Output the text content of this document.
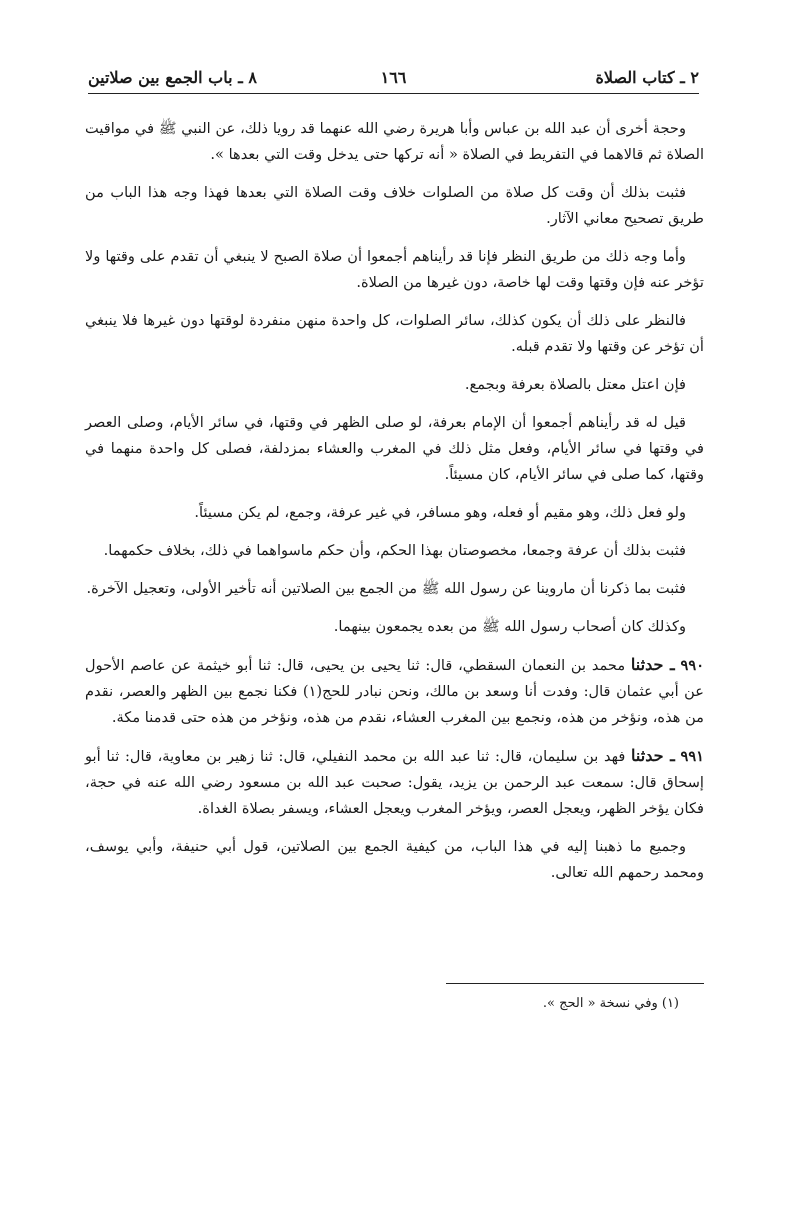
٢ ـ كتاب الصلاة
١٦٦
٨ ـ باب الجمع بين صلاتين

وحجة أخرى أن عبد الله بن عباس وأبا هريرة رضي الله عنهما قد رويا ذلك، عن النبي ﷺ في مواقيت الصلاة ثم قالاهما في التفريط في الصلاة « أنه تركها حتى يدخل وقت التي بعدها ».

فثبت بذلك أن وقت كل صلاة من الصلوات خلاف وقت الصلاة التي بعدها فهذا وجه هذا الباب من طريق تصحيح معاني الآثار.

وأما وجه ذلك من طريق النظر فإنا قد رأيناهم أجمعوا أن صلاة الصبح لا ينبغي أن تقدم على وقتها ولا تؤخر عنه فإن وقتها وقت لها خاصة، دون غيرها من الصلاة.

فالنظر على ذلك أن يكون كذلك، سائر الصلوات، كل واحدة منهن منفردة لوقتها دون غيرها فلا ينبغي أن تؤخر عن وقتها ولا تقدم قبله.

فإن اعتل معتل بالصلاة بعرفة وبجمع.

قيل له قد رأيناهم أجمعوا أن الإمام بعرفة، لو صلى الظهر في وقتها، في سائر الأيام، وصلى العصر في وقتها في سائر الأيام، وفعل مثل ذلك في المغرب والعشاء بمزدلفة، فصلى كل واحدة منهما في وقتها، كما صلى في سائر الأيام، كان مسيئاً.

ولو فعل ذلك، وهو مقيم أو فعله، وهو مسافر، في غير عرفة، وجمع، لم يكن مسيئاً.

فثبت بذلك أن عرفة وجمعا، مخصوصتان بهذا الحكم، وأن حكم ماسواهما في ذلك، بخلاف حكمهما.

فثبت بما ذكرنا أن ماروينا عن رسول الله ﷺ من الجمع بين الصلاتين أنه تأخير الأولى، وتعجيل الآخرة.

وكذلك كان أصحاب رسول الله ﷺ من بعده يجمعون بينهما.

٩٩٠ ـ حدثنا محمد بن النعمان السقطي، قال: ثنا يحيى بن يحيى، قال: ثنا أبو خيثمة عن عاصم الأحول عن أبي عثمان قال: وفدت أنا وسعد بن مالك، ونحن نبادر للحج(١) فكنا نجمع بين الظهر والعصر، نقدم من هذه، ونؤخر من هذه، ونجمع بين المغرب العشاء، نقدم من هذه، ونؤخر من هذه حتى قدمنا مكة.

٩٩١ ـ حدثنا فهد بن سليمان، قال: ثنا عبد الله بن محمد النفيلي، قال: ثنا زهير بن معاوية، قال: ثنا أبو إسحاق قال: سمعت عبد الرحمن بن يزيد، يقول: صحبت عبد الله بن مسعود رضي الله عنه في حجة، فكان يؤخر الظهر، ويعجل العصر، ويؤخر المغرب ويعجل العشاء، ويسفر بصلاة الغداة.

وجميع ما ذهبنا إليه في هذا الباب، من كيفية الجمع بين الصلاتين، قول أبي حنيفة، وأبي يوسف، ومحمد رحمهم الله تعالى.

(١) وفي نسخة « الحج ».
